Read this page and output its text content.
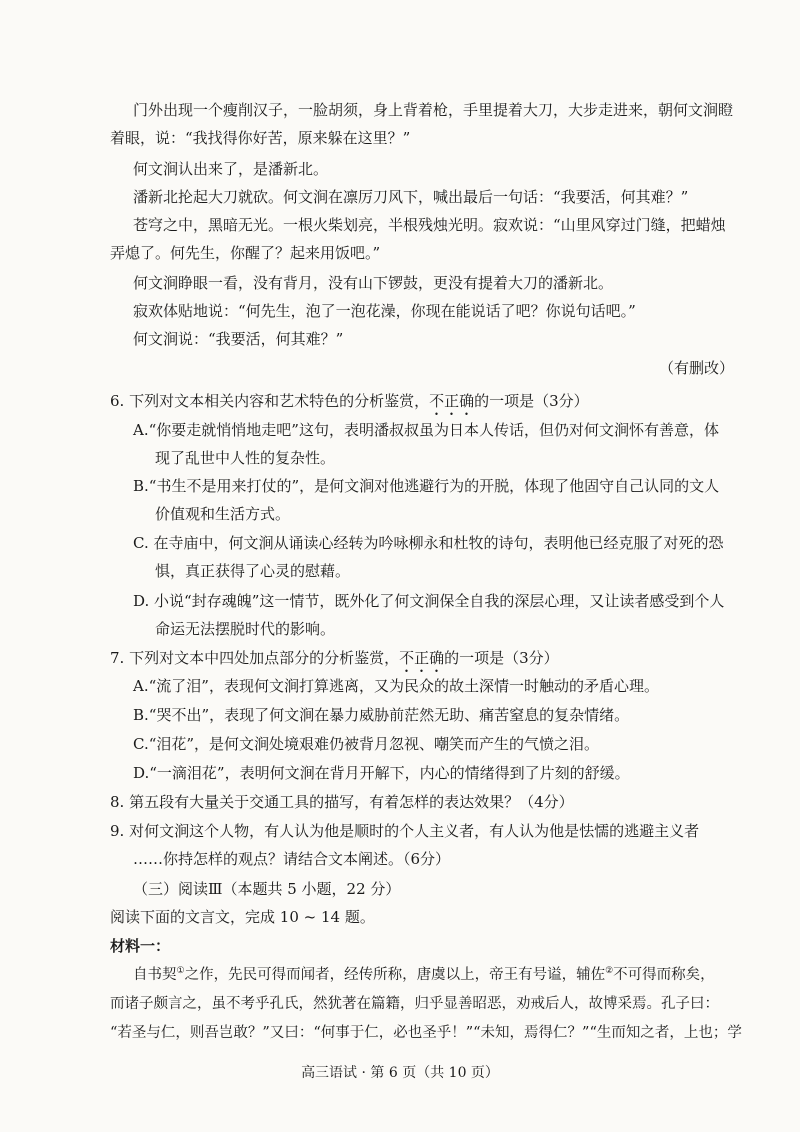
门外出现一个瘦削汉子，一脸胡须，身上背着枪，手里提着大刀，大步走进来，朝何文涧瞪
着眼，说：“我找得你好苦，原来躲在这里？”
何文涧认出来了，是潘新北。
潘新北抡起大刀就砍。何文涧在凛厉刀风下，喊出最后一句话：“我要活，何其难？”
苍穹之中，黑暗无光。一根火柴划亮，半根残烛光明。寂欢说：“山里风穿过门缝，把蜡烛
弄熄了。何先生，你醒了？起来用饭吧。”
何文涧睁眼一看，没有背月，没有山下锣鼓，更没有提着大刀的潘新北。
寂欢体贴地说：“何先生，泡了一泡花澡，你现在能说话了吧？你说句话吧。”
何文涧说：“我要活，何其难？”
（有删改）
6. 下列对文本相关内容和艺术特色的分析鉴赏，不正确的一项是（3分）
A.“你要走就悄悄地走吧”这句，表明潘叔叔虽为日本人传话，但仍对何文涧怀有善意，体
现了乱世中人性的复杂性。
B.“书生不是用来打仗的”，是何文涧对他逃避行为的开脱，体现了他固守自己认同的文人
价值观和生活方式。
C. 在寺庙中，何文涧从诵读心经转为吟咏柳永和杜牧的诗句，表明他已经克服了对死的恐
惧，真正获得了心灵的慰藉。
D. 小说“封存魂魄”这一情节，既外化了何文涧保全自我的深层心理，又让读者感受到个人
命运无法摆脱时代的影响。
7. 下列对文本中四处加点部分的分析鉴赏，不正确的一项是（3分）
A.“流了泪”，表现何文涧打算逃离，又为民众的故土深情一时触动的矛盾心理。
B.“哭不出”，表现了何文涧在暴力威胁前茫然无助、痛苦窒息的复杂情绪。
C.“泪花”，是何文涧处境艰难仍被背月忽视、嘲笑而产生的气愤之泪。
D.“一滴泪花”，表明何文涧在背月开解下，内心的情绪得到了片刻的舒缓。
8. 第五段有大量关于交通工具的描写，有着怎样的表达效果？（4分）
9. 对何文涧这个人物，有人认为他是顺时的个人主义者，有人认为他是怯懦的逃避主义者
……你持怎样的观点？请结合文本阐述。（6分）
（三）阅读Ⅲ（本题共 5 小题，22 分）
阅读下面的文言文，完成 10 ~ 14 题。
材料一：
自书契①之作，先民可得而闻者，经传所称，唐虞以上，帝王有号谥，辅佐②不可得而称矣，
而诸子颇言之，虽不考乎孔氏，然犹著在篇籍，归乎显善昭恶，劝戒后人，故博采焉。孔子曰：
“若圣与仁，则吾岂敢？”又曰：“何事于仁，必也圣乎！”“未知，焉得仁？”“生而知之者，上也；学
高三语试 · 第 6 页（共 10 页）
